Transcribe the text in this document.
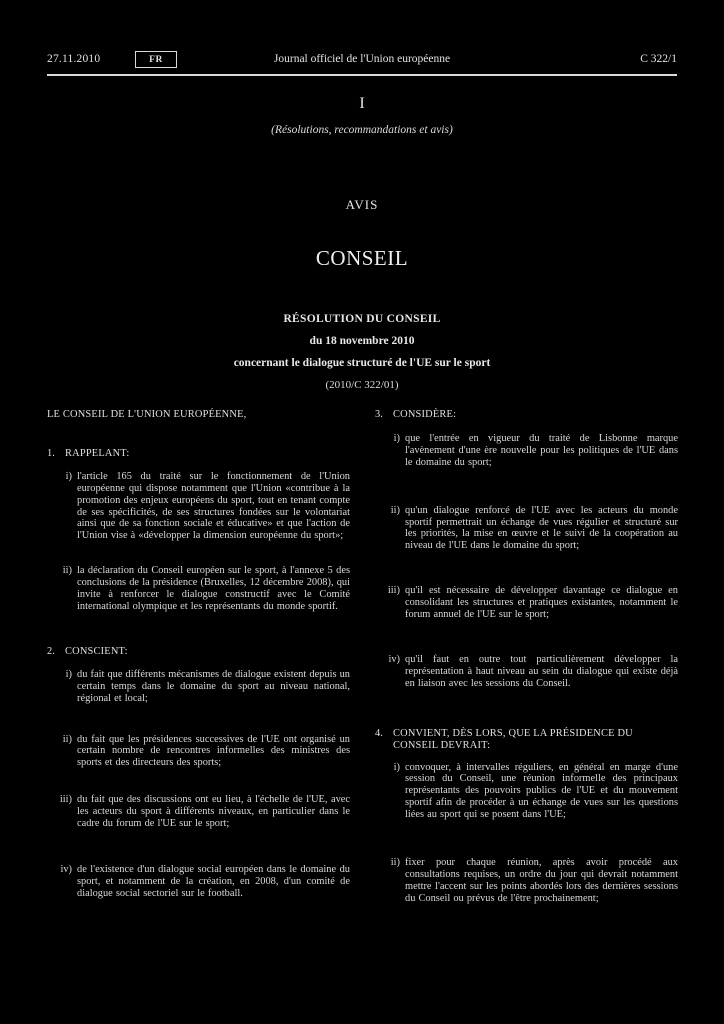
27.11.2010	FR	Journal officiel de l'Union européenne	C 322/1
I
(Résolutions, recommandations et avis)
AVIS
CONSEIL
RÉSOLUTION DU CONSEIL
du 18 novembre 2010
concernant le dialogue structuré de l'UE sur le sport
(2010/C 322/01)

LE CONSEIL DE L'UNION EUROPÉENNE,

1. RAPPELANT:
i) l'article 165 du traité sur le fonctionnement de l'Union européenne qui dispose notamment que l'Union «contribue à la promotion des enjeux européens du sport, tout en tenant compte de ses spécificités, de ses structures fondées sur le volontariat ainsi que de sa fonction sociale et éducative» et que l'action de l'Union vise à «développer la dimension européenne du sport»;

ii) la déclaration du Conseil européen sur le sport, à l'annexe 5 des conclusions de la présidence (Bruxelles, 12 décembre 2008), qui invite à renforcer le dialogue constructif avec le Comité international olympique et les représentants du monde sportif.

2. CONSCIENT:
i) du fait que différents mécanismes de dialogue existent depuis un certain temps dans le domaine du sport au niveau national, régional et local;

ii) du fait que les présidences successives de l'UE ont organisé un certain nombre de rencontres informelles des ministres des sports et des directeurs des sports;

iii) du fait que des discussions ont eu lieu, à l'échelle de l'UE, avec les acteurs du sport à différents niveaux, en particulier dans le cadre du forum de l'UE sur le sport;

iv) de l'existence d'un dialogue social européen dans le domaine du sport, et notamment de la création, en 2008, d'un comité de dialogue social sectoriel sur le football.

3. CONSIDÈRE:
i) que l'entrée en vigueur du traité de Lisbonne marque l'avènement d'une ère nouvelle pour les politiques de l'UE dans le domaine du sport;

ii) qu'un dialogue renforcé de l'UE avec les acteurs du monde sportif permettrait un échange de vues régulier et structuré sur les priorités, la mise en œuvre et le suivi de la coopération au niveau de l'UE dans le domaine du sport;

iii) qu'il est nécessaire de développer davantage ce dialogue en consolidant les structures et pratiques existantes, notamment le forum annuel de l'UE sur le sport;

iv) qu'il faut en outre tout particulièrement développer la représentation à haut niveau au sein du dialogue qui existe déjà en liaison avec les sessions du Conseil.

4. CONVIENT, DÈS LORS, QUE LA PRÉSIDENCE DU CONSEIL DEVRAIT:
i) convoquer, à intervalles réguliers, en général en marge d'une session du Conseil, une réunion informelle des principaux représentants des pouvoirs publics de l'UE et du mouvement sportif afin de procéder à un échange de vues sur les questions liées au sport qui se posent dans l'UE;

ii) fixer pour chaque réunion, après avoir procédé aux consultations requises, un ordre du jour qui devrait notamment mettre l'accent sur les points abordés lors des dernières sessions du Conseil ou prévus de l'être prochainement;
